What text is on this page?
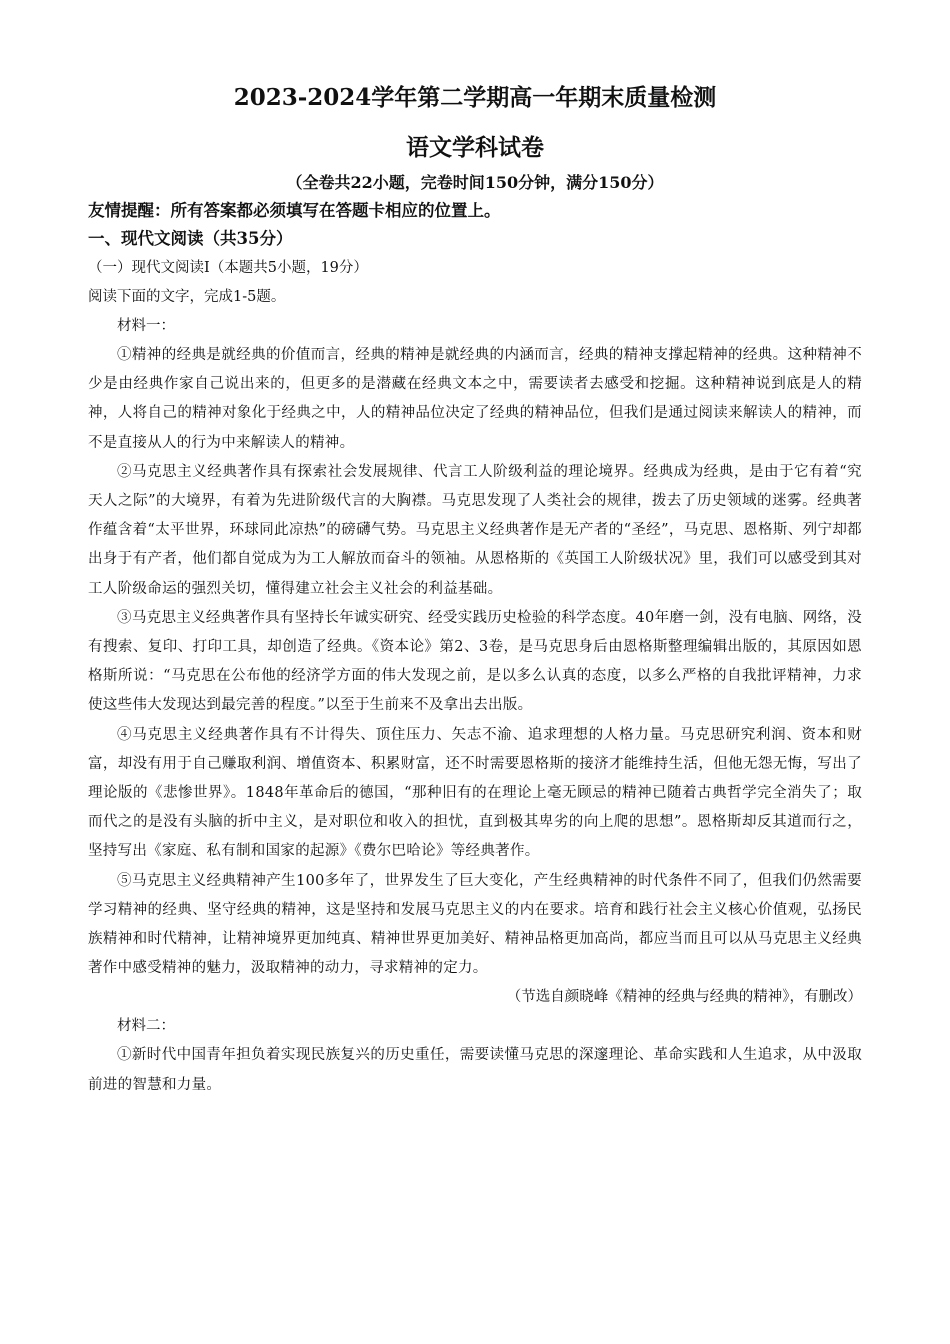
2023-2024学年第二学期高一年期末质量检测
语文学科试卷
（全卷共22小题，完卷时间150分钟，满分150分）
友情提醒：所有答案都必须填写在答题卡相应的位置上。
一、现代文阅读（共35分）
（一）现代文阅读Ⅰ（本题共5小题，19分）
阅读下面的文字，完成1-5题。
材料一：

①精神的经典是就经典的价值而言，经典的精神是就经典的内涵而言，经典的精神支撑起精神的经典。这种精神不少是由经典作家自己说出来的，但更多的是潜藏在经典文本之中，需要读者去感受和挖掘。这种精神说到底是人的精神，人将自己的精神对象化于经典之中，人的精神品位决定了经典的精神品位，但我们是通过阅读来解读人的精神，而不是直接从人的行为中来解读人的精神。

②马克思主义经典著作具有探索社会发展规律、代言工人阶级利益的理论境界。经典成为经典，是由于它有着“究天人之际”的大境界，有着为先进阶级代言的大胸襟。马克思发现了人类社会的规律，拨去了历史领域的迷雾。经典著作蕴含着“太平世界，环球同此凉热”的磅礴气势。马克思主义经典著作是无产者的“圣经”，马克思、恩格斯、列宁却都出身于有产者，他们都自觉成为为工人解放而奋斗的领袖。从恩格斯的《英国工人阶级状况》里，我们可以感受到其对工人阶级命运的强烈关切，懂得建立社会主义社会的利益基础。

③马克思主义经典著作具有坚持长年诚实研究、经受实践历史检验的科学态度。40年磨一剑，没有电脑、网络，没有搜索、复印、打印工具，却创造了经典。《资本论》第2、3卷，是马克思身后由恩格斯整理编辑出版的，其原因如恩格斯所说：“马克思在公布他的经济学方面的伟大发现之前，是以多么认真的态度，以多么严格的自我批评精神，力求使这些伟大发现达到最完善的程度。”以至于生前来不及拿出去出版。

④马克思主义经典著作具有不计得失、顶住压力、矢志不渝、追求理想的人格力量。马克思研究利润、资本和财富，却没有用于自己赚取利润、增值资本、积累财富，还不时需要恩格斯的接济才能维持生活，但他无怨无悔，写出了理论版的《悲惨世界》。1848年革命后的德国，“那种旧有的在理论上毫无顾忌的精神已随着古典哲学完全消失了；取而代之的是没有头脑的折中主义，是对职位和收入的担忧，直到极其卑劣的向上爬的思想”。恩格斯却反其道而行之，坚持写出《家庭、私有制和国家的起源》《费尔巴哈论》等经典著作。

⑤马克思主义经典精神产生100多年了，世界发生了巨大变化，产生经典精神的时代条件不同了，但我们仍然需要学习精神的经典、坚守经典的精神，这是坚持和发展马克思主义的内在要求。培育和践行社会主义核心价值观，弘扬民族精神和时代精神，让精神境界更加纯真、精神世界更加美好、精神品格更加高尚，都应当而且可以从马克思主义经典著作中感受精神的魅力，汲取精神的动力，寻求精神的定力。

（节选自颜晓峰《精神的经典与经典的精神》，有删改）
材料二：

①新时代中国青年担负着实现民族复兴的历史重任，需要读懂马克思的深邃理论、革命实践和人生追求，从中汲取前进的智慧和力量。
